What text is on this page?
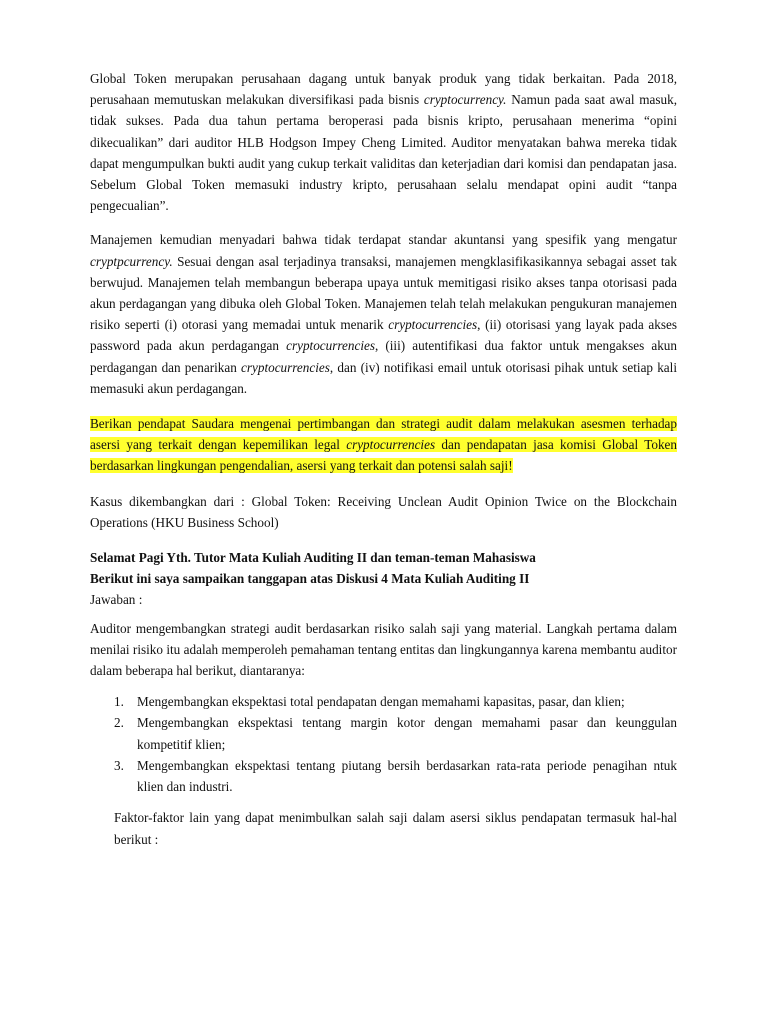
Global Token merupakan perusahaan dagang untuk banyak produk yang tidak berkaitan. Pada 2018, perusahaan memutuskan melakukan diversifikasi pada bisnis cryptocurrency. Namun pada saat awal masuk, tidak sukses. Pada dua tahun pertama beroperasi pada bisnis kripto, perusahaan menerima “opini dikecualikan” dari auditor HLB Hodgson Impey Cheng Limited. Auditor menyatakan bahwa mereka tidak dapat mengumpulkan bukti audit yang cukup terkait validitas dan keterjadian dari komisi dan pendapatan jasa. Sebelum Global Token memasuki industry kripto, perusahaan selalu mendapat opini audit “tanpa pengecualian”.

Manajemen kemudian menyadari bahwa tidak terdapat standar akuntansi yang spesifik yang mengatur cryptpcurrency. Sesuai dengan asal terjadinya transaksi, manajemen mengklasifikasikannya sebagai asset tak berwujud. Manajemen telah membangun beberapa upaya untuk memitigasi risiko akses tanpa otorisasi pada akun perdagangan yang dibuka oleh Global Token. Manajemen telah telah melakukan pengukuran manajemen risiko seperti (i) otorasi yang memadai untuk menarik cryptocurrencies, (ii) otorisasi yang layak pada akses password pada akun perdagangan cryptocurrencies, (iii) autentifikasi dua faktor untuk mengakses akun perdagangan dan penarikan cryptocurrencies, dan (iv) notifikasi email untuk otorisasi pihak untuk setiap kali memasuki akun perdagangan.

Berikan pendapat Saudara mengenai pertimbangan dan strategi audit dalam melakukan asesmen terhadap asersi yang terkait dengan kepemilikan legal cryptocurrencies dan pendapatan jasa komisi Global Token berdasarkan lingkungan pengendalian, asersi yang terkait dan potensi salah saji!

Kasus dikembangkan dari : Global Token: Receiving Unclean Audit Opinion Twice on the Blockchain Operations (HKU Business School)

Selamat Pagi Yth. Tutor Mata Kuliah Auditing II dan teman-teman Mahasiswa

Berikut ini saya sampaikan tanggapan atas Diskusi 4 Mata Kuliah Auditing II

Jawaban :

Auditor mengembangkan strategi audit berdasarkan risiko salah saji yang material. Langkah pertama dalam menilai risiko itu adalah memperoleh pemahaman tentang entitas dan lingkungannya karena membantu auditor dalam beberapa hal berikut, diantaranya:

1. Mengembangkan ekspektasi total pendapatan dengan memahami kapasitas, pasar, dan klien;
2. Mengembangkan ekspektasi tentang margin kotor dengan memahami pasar dan keunggulan kompetitif klien;
3. Mengembangkan ekspektasi tentang piutang bersih berdasarkan rata-rata periode penagihan ntuk klien dan industri.

Faktor-faktor lain yang dapat menimbulkan salah saji dalam asersi siklus pendapatan termasuk hal-hal berikut :
